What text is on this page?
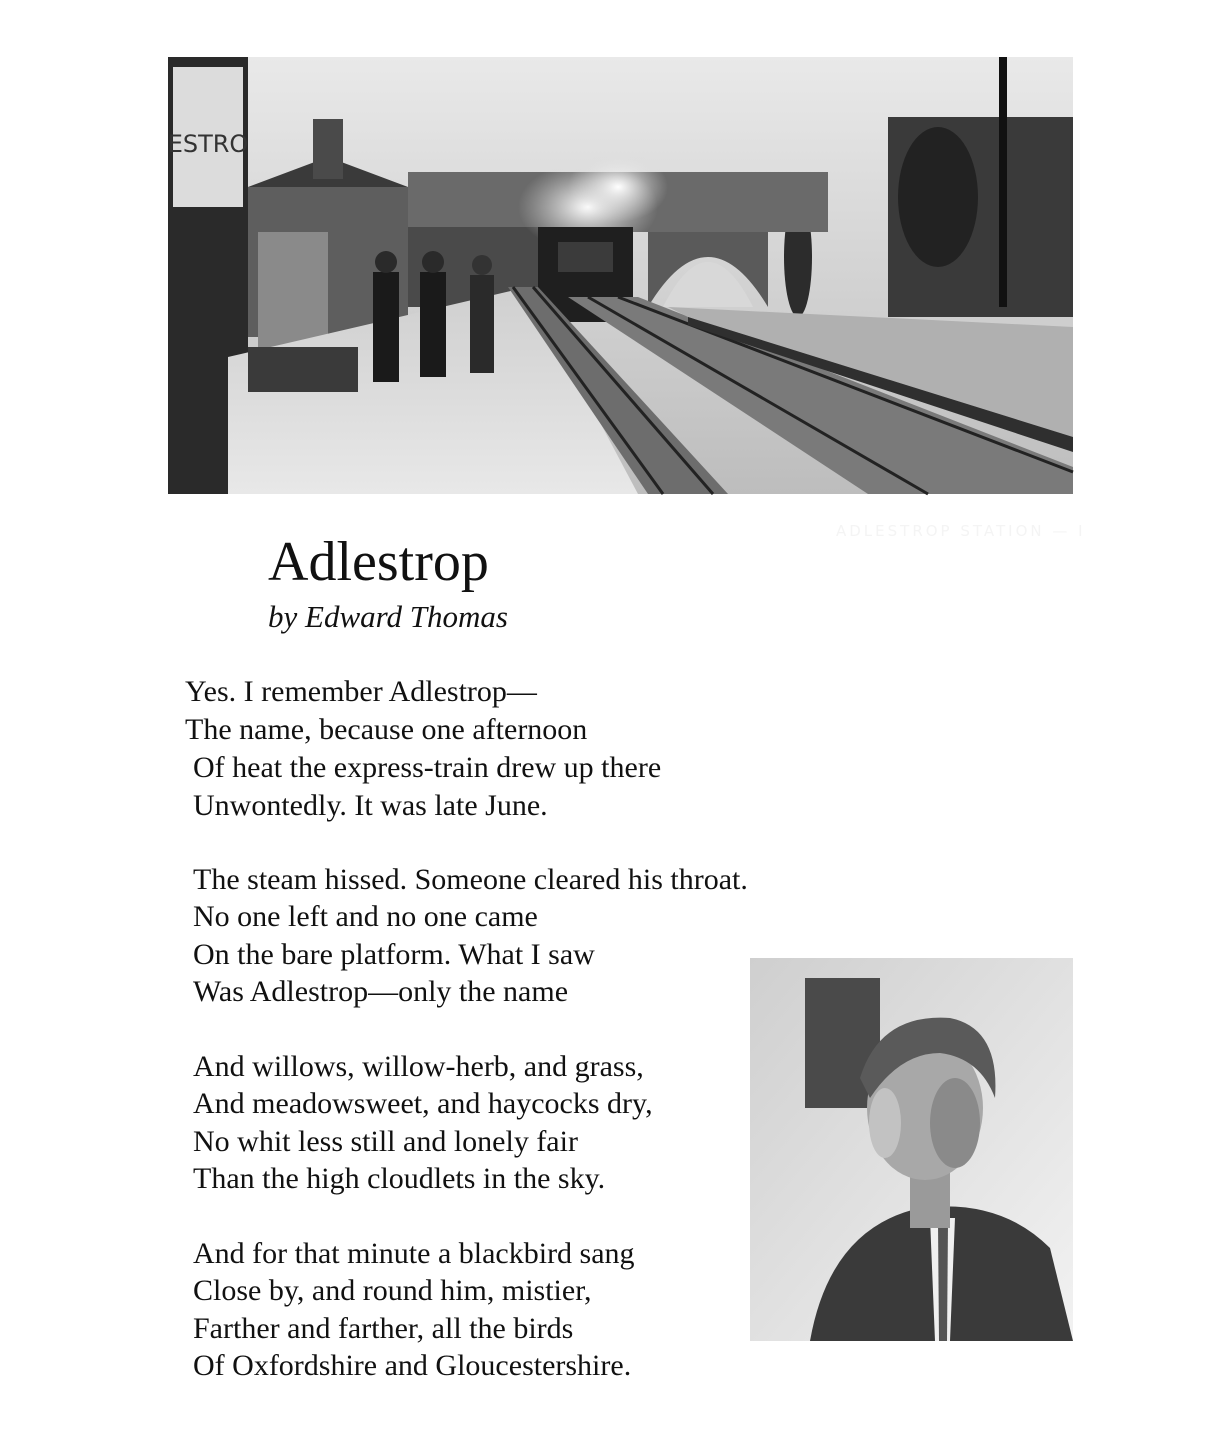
ESTRO
ADLESTROP STATION — I
Adlestrop
by Edward Thomas
Yes. I remember Adlestrop—
The name, because one afternoon
Of heat the express-train drew up there
Unwontedly. It was late June.
The steam hissed. Someone cleared his throat.
No one left and no one came
On the bare platform. What I saw
Was Adlestrop—only the name
And willows, willow-herb, and grass,
And meadowsweet, and haycocks dry,
No whit less still and lonely fair
Than the high cloudlets in the sky.
And for that minute a blackbird sang
Close by, and round him, mistier,
Farther and farther, all the birds
Of Oxfordshire and Gloucestershire.
